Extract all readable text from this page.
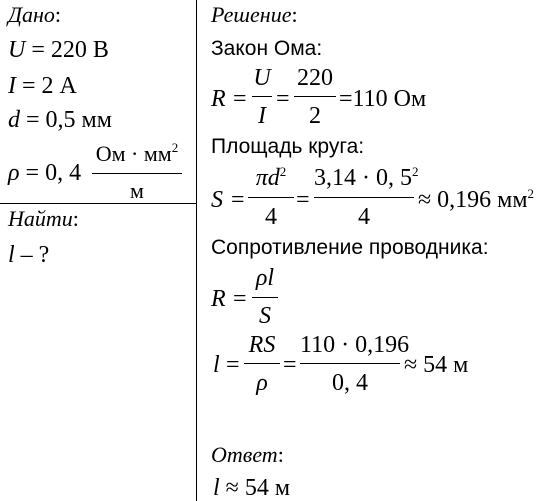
Дано:
U = 220 В
I = 2 А
d = 0,5 мм
ρ = 0, 4
Ом · $мм^2$
м
Найти:
l – ?
Решение:
Закон Ома:
R =
U
I
=
220
2
=110 Ом
Площадь круга:
S =
$\pi d^2$
4
=
3,14 · 0, $5^2$
4
≈ 0,196 $мм^2$
Сопротивление проводника:
R =
ρl
S
l =
RS
ρ
=
110 · 0,196
0, 4
≈ 54 м
Ответ:
l ≈ 54 м
